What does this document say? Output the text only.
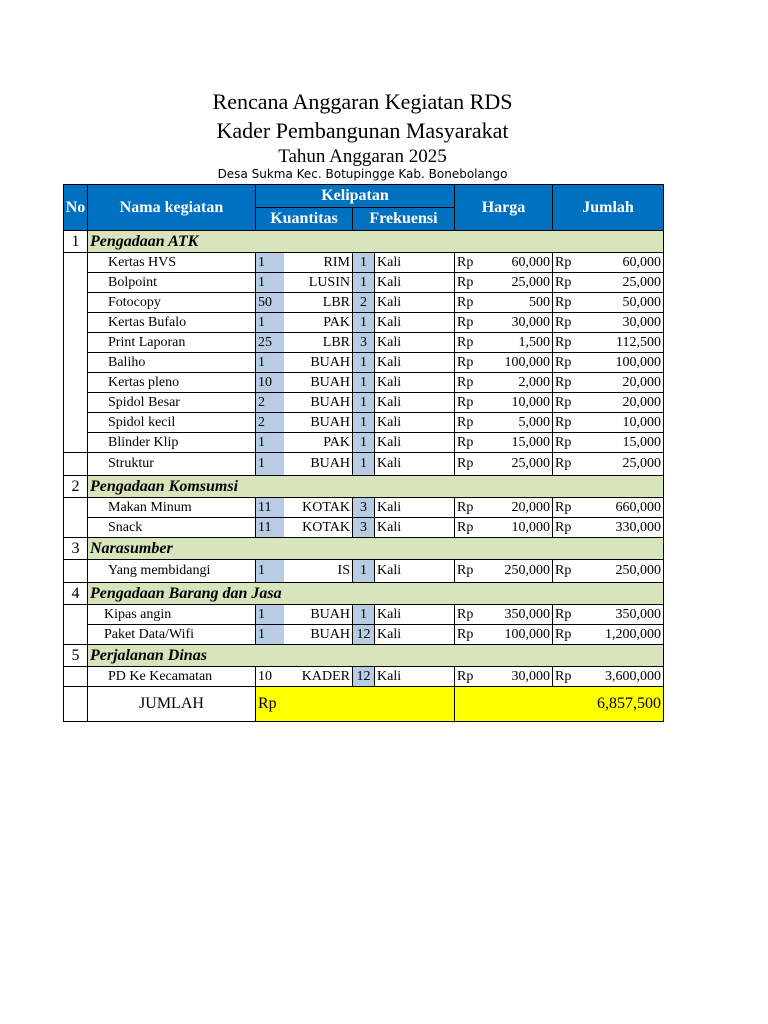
Rencana Anggaran Kegiatan RDS
Kader Pembangunan Masyarakat
Tahun Anggaran 2025
Desa Sukma Kec. Botupingge Kab. Bonebolango
No	Nama kegiatan	Kelipatan				Harga		Jumlah	
		Kuantitas		Frekuensi					
1	Pengadaan ATK								
	Kertas HVS	1	RIM	1	Kali	Rp	60,000	Rp	60,000
	Bolpoint	1	LUSIN	1	Kali	Rp	25,000	Rp	25,000
	Fotocopy	50	LBR	2	Kali	Rp	500	Rp	50,000
	Kertas Bufalo	1	PAK	1	Kali	Rp	30,000	Rp	30,000
	Print Laporan	25	LBR	3	Kali	Rp	1,500	Rp	112,500
	Baliho	1	BUAH	1	Kali	Rp	100,000	Rp	100,000
	Kertas pleno	10	BUAH	1	Kali	Rp	2,000	Rp	20,000
	Spidol Besar	2	BUAH	1	Kali	Rp	10,000	Rp	20,000
	Spidol kecil	2	BUAH	1	Kali	Rp	5,000	Rp	10,000
	Blinder Klip	1	PAK	1	Kali	Rp	15,000	Rp	15,000
	Struktur	1	BUAH	1	Kali	Rp	25,000	Rp	25,000
2	Pengadaan Komsumsi								
	Makan Minum	11	KOTAK	3	Kali	Rp	20,000	Rp	660,000
	Snack	11	KOTAK	3	Kali	Rp	10,000	Rp	330,000
3	Narasumber								
	Yang membidangi	1	IS	1	Kali	Rp	250,000	Rp	250,000
4	Pengadaan Barang dan Jasa								
	Kipas angin	1	BUAH	1	Kali	Rp	350,000	Rp	350,000
	Paket Data/Wifi	1	BUAH	12	Kali	Rp	100,000	Rp	1,200,000
5	Perjalanan Dinas								
	PD Ke Kecamatan	10	KADER	12	Kali	Rp	30,000	Rp	3,600,000
	JUMLAH	Rp				6,857,500			
